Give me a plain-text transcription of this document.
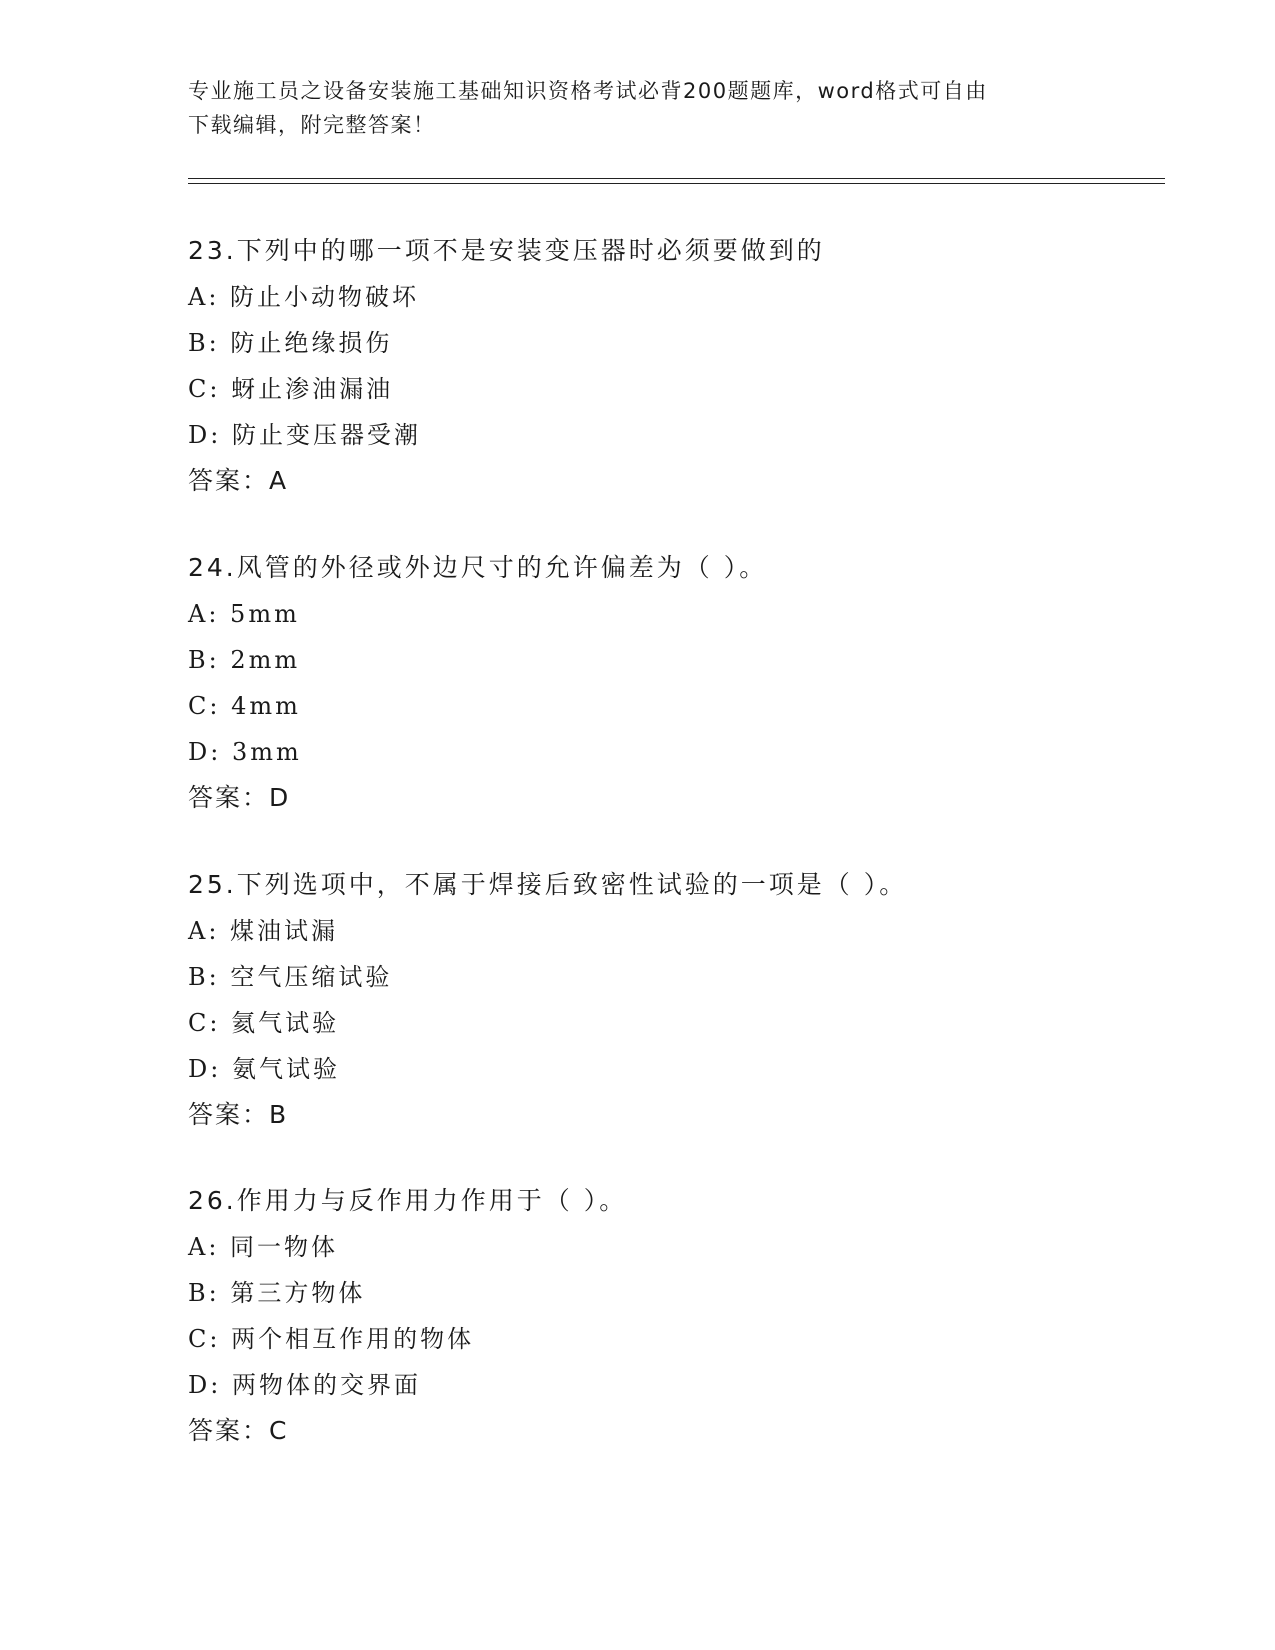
专业施工员之设备安装施工基础知识资格考试必背200题题库，word格式可自由
下载编辑，附完整答案！
23.下列中的哪一项不是安装变压器时必须要做到的
A: 防止小动物破坏
B: 防止绝缘损伤
C: 蚜止渗油漏油
D: 防止变压器受潮
答案：A
24.风管的外径或外边尺寸的允许偏差为（ ）。
A: 5mm
B: 2mm
C: 4mm
D: 3mm
答案：D
25.下列选项中，不属于焊接后致密性试验的一项是（ ）。
A: 煤油试漏
B: 空气压缩试验
C: 氦气试验
D: 氨气试验
答案：B
26.作用力与反作用力作用于（ ）。
A: 同一物体
B: 第三方物体
C: 两个相互作用的物体
D: 两物体的交界面
答案：C
